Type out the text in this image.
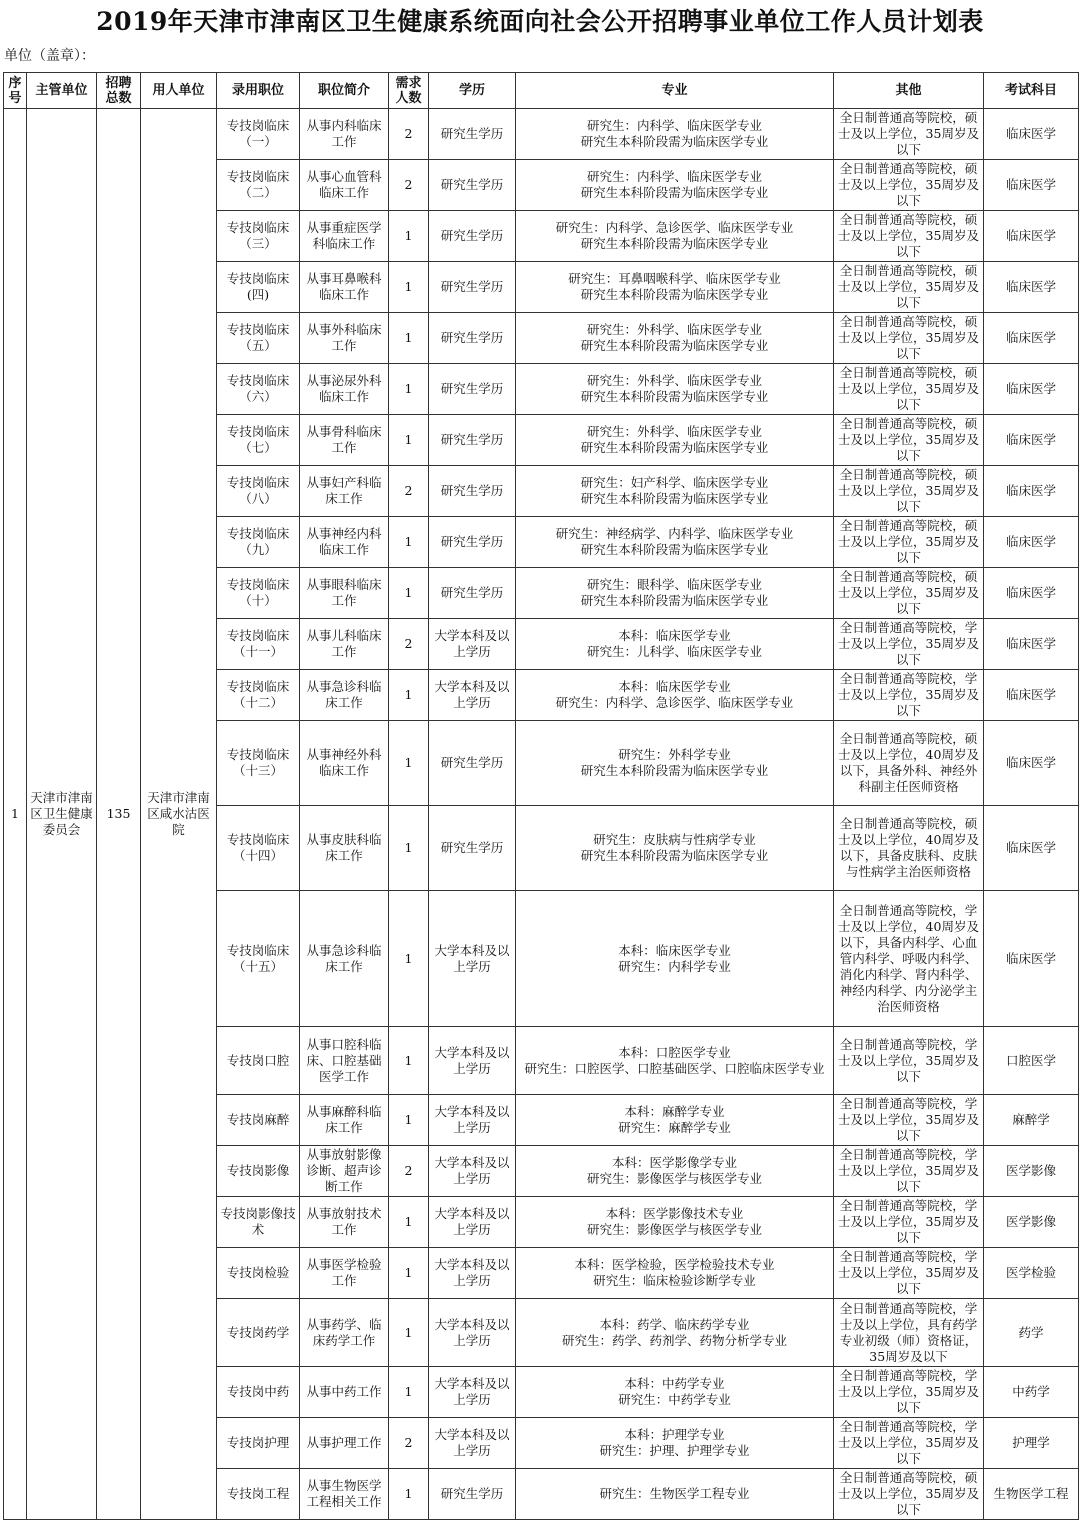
2019年天津市津南区卫生健康系统面向社会公开招聘事业单位工作人员计划表
单位（盖章）：
序
号	主管单位	招聘
总数	用人单位	录用职位	职位简介	需求
人数	学历	专业	其他	考试科目
1	天津市津南区卫生健康委员会	135	天津市津南区咸水沽医院	专技岗临床（一）	从事内科临床工作	2	研究生学历	研究生：内科学、临床医学专业
研究生本科阶段需为临床医学专业	全日制普通高等院校，硕士及以上学位，35周岁及以下	临床医学
				专技岗临床（二）	从事心血管科临床工作	2	研究生学历	研究生：内科学、临床医学专业
研究生本科阶段需为临床医学专业	全日制普通高等院校，硕士及以上学位，35周岁及以下	临床医学
				专技岗临床（三）	从事重症医学科临床工作	1	研究生学历	研究生：内科学、急诊医学、临床医学专业
研究生本科阶段需为临床医学专业	全日制普通高等院校，硕士及以上学位，35周岁及以下	临床医学
				专技岗临床(四)	从事耳鼻喉科临床工作	1	研究生学历	研究生：耳鼻咽喉科学、临床医学专业
研究生本科阶段需为临床医学专业	全日制普通高等院校，硕士及以上学位，35周岁及以下	临床医学
				专技岗临床（五）	从事外科临床工作	1	研究生学历	研究生：外科学、临床医学专业
研究生本科阶段需为临床医学专业	全日制普通高等院校，硕士及以上学位，35周岁及以下	临床医学
				专技岗临床（六）	从事泌尿外科临床工作	1	研究生学历	研究生：外科学、临床医学专业
研究生本科阶段需为临床医学专业	全日制普通高等院校，硕士及以上学位，35周岁及以下	临床医学
				专技岗临床（七）	从事骨科临床工作	1	研究生学历	研究生：外科学、临床医学专业
研究生本科阶段需为临床医学专业	全日制普通高等院校，硕士及以上学位，35周岁及以下	临床医学
				专技岗临床（八）	从事妇产科临床工作	2	研究生学历	研究生：妇产科学、临床医学专业
研究生本科阶段需为临床医学专业	全日制普通高等院校，硕士及以上学位，35周岁及以下	临床医学
				专技岗临床（九）	从事神经内科临床工作	1	研究生学历	研究生：神经病学、内科学、临床医学专业
研究生本科阶段需为临床医学专业	全日制普通高等院校，硕士及以上学位，35周岁及以下	临床医学
				专技岗临床（十）	从事眼科临床工作	1	研究生学历	研究生：眼科学、临床医学专业
研究生本科阶段需为临床医学专业	全日制普通高等院校，硕士及以上学位，35周岁及以下	临床医学
				专技岗临床（十一）	从事儿科临床工作	2	大学本科及以上学历	本科：临床医学专业
研究生：儿科学、临床医学专业	全日制普通高等院校，学士及以上学位，35周岁及以下	临床医学
				专技岗临床（十二）	从事急诊科临床工作	1	大学本科及以上学历	本科：临床医学专业
研究生：内科学、急诊医学、临床医学专业	全日制普通高等院校，学士及以上学位，35周岁及以下	临床医学
				专技岗临床（十三）	从事神经外科临床工作	1	研究生学历	研究生：外科学专业
研究生本科阶段需为临床医学专业	全日制普通高等院校，硕士及以上学位，40周岁及以下，具备外科、神经外科副主任医师资格	临床医学
				专技岗临床（十四）	从事皮肤科临床工作	1	研究生学历	研究生：皮肤病与性病学专业
研究生本科阶段需为临床医学专业	全日制普通高等院校，硕士及以上学位，40周岁及以下，具备皮肤科、皮肤与性病学主治医师资格	临床医学
				专技岗临床（十五）	从事急诊科临床工作	1	大学本科及以上学历	本科：临床医学专业
研究生：内科学专业	全日制普通高等院校，学士及以上学位，40周岁及以下，具备内科学、心血管内科学、呼吸内科学、消化内科学、肾内科学、神经内科学、内分泌学主治医师资格	临床医学
				专技岗口腔	从事口腔科临床、口腔基础医学工作	1	大学本科及以上学历	本科：口腔医学专业
研究生：口腔医学、口腔基础医学、口腔临床医学专业	全日制普通高等院校，学士及以上学位，35周岁及以下	口腔医学
				专技岗麻醉	从事麻醉科临床工作	1	大学本科及以上学历	本科：麻醉学专业
研究生：麻醉学专业	全日制普通高等院校，学士及以上学位，35周岁及以下	麻醉学
				专技岗影像	从事放射影像诊断、超声诊断工作	2	大学本科及以上学历	本科：医学影像学专业
研究生：影像医学与核医学专业	全日制普通高等院校，学士及以上学位，35周岁及以下	医学影像
				专技岗影像技术	从事放射技术工作	1	大学本科及以上学历	本科：医学影像技术专业
研究生：影像医学与核医学专业	全日制普通高等院校，学士及以上学位，35周岁及以下	医学影像
				专技岗检验	从事医学检验工作	1	大学本科及以上学历	本科：医学检验，医学检验技术专业
研究生：临床检验诊断学专业	全日制普通高等院校，学士及以上学位，35周岁及以下	医学检验
				专技岗药学	从事药学、临床药学工作	1	大学本科及以上学历	本科：药学、临床药学专业
研究生：药学、药剂学、药物分析学专业	全日制普通高等院校，学士及以上学位，具有药学专业初级（师）资格证，35周岁及以下	药学
				专技岗中药	从事中药工作	1	大学本科及以上学历	本科：中药学专业
研究生：中药学专业	全日制普通高等院校，学士及以上学位，35周岁及以下	中药学
				专技岗护理	从事护理工作	2	大学本科及以上学历	本科：护理学专业
研究生：护理、护理学专业	全日制普通高等院校，学士及以上学位，35周岁及以下	护理学
				专技岗工程	从事生物医学工程相关工作	1	研究生学历	研究生：生物医学工程专业	全日制普通高等院校，硕士及以上学位，35周岁及以下	生物医学工程
